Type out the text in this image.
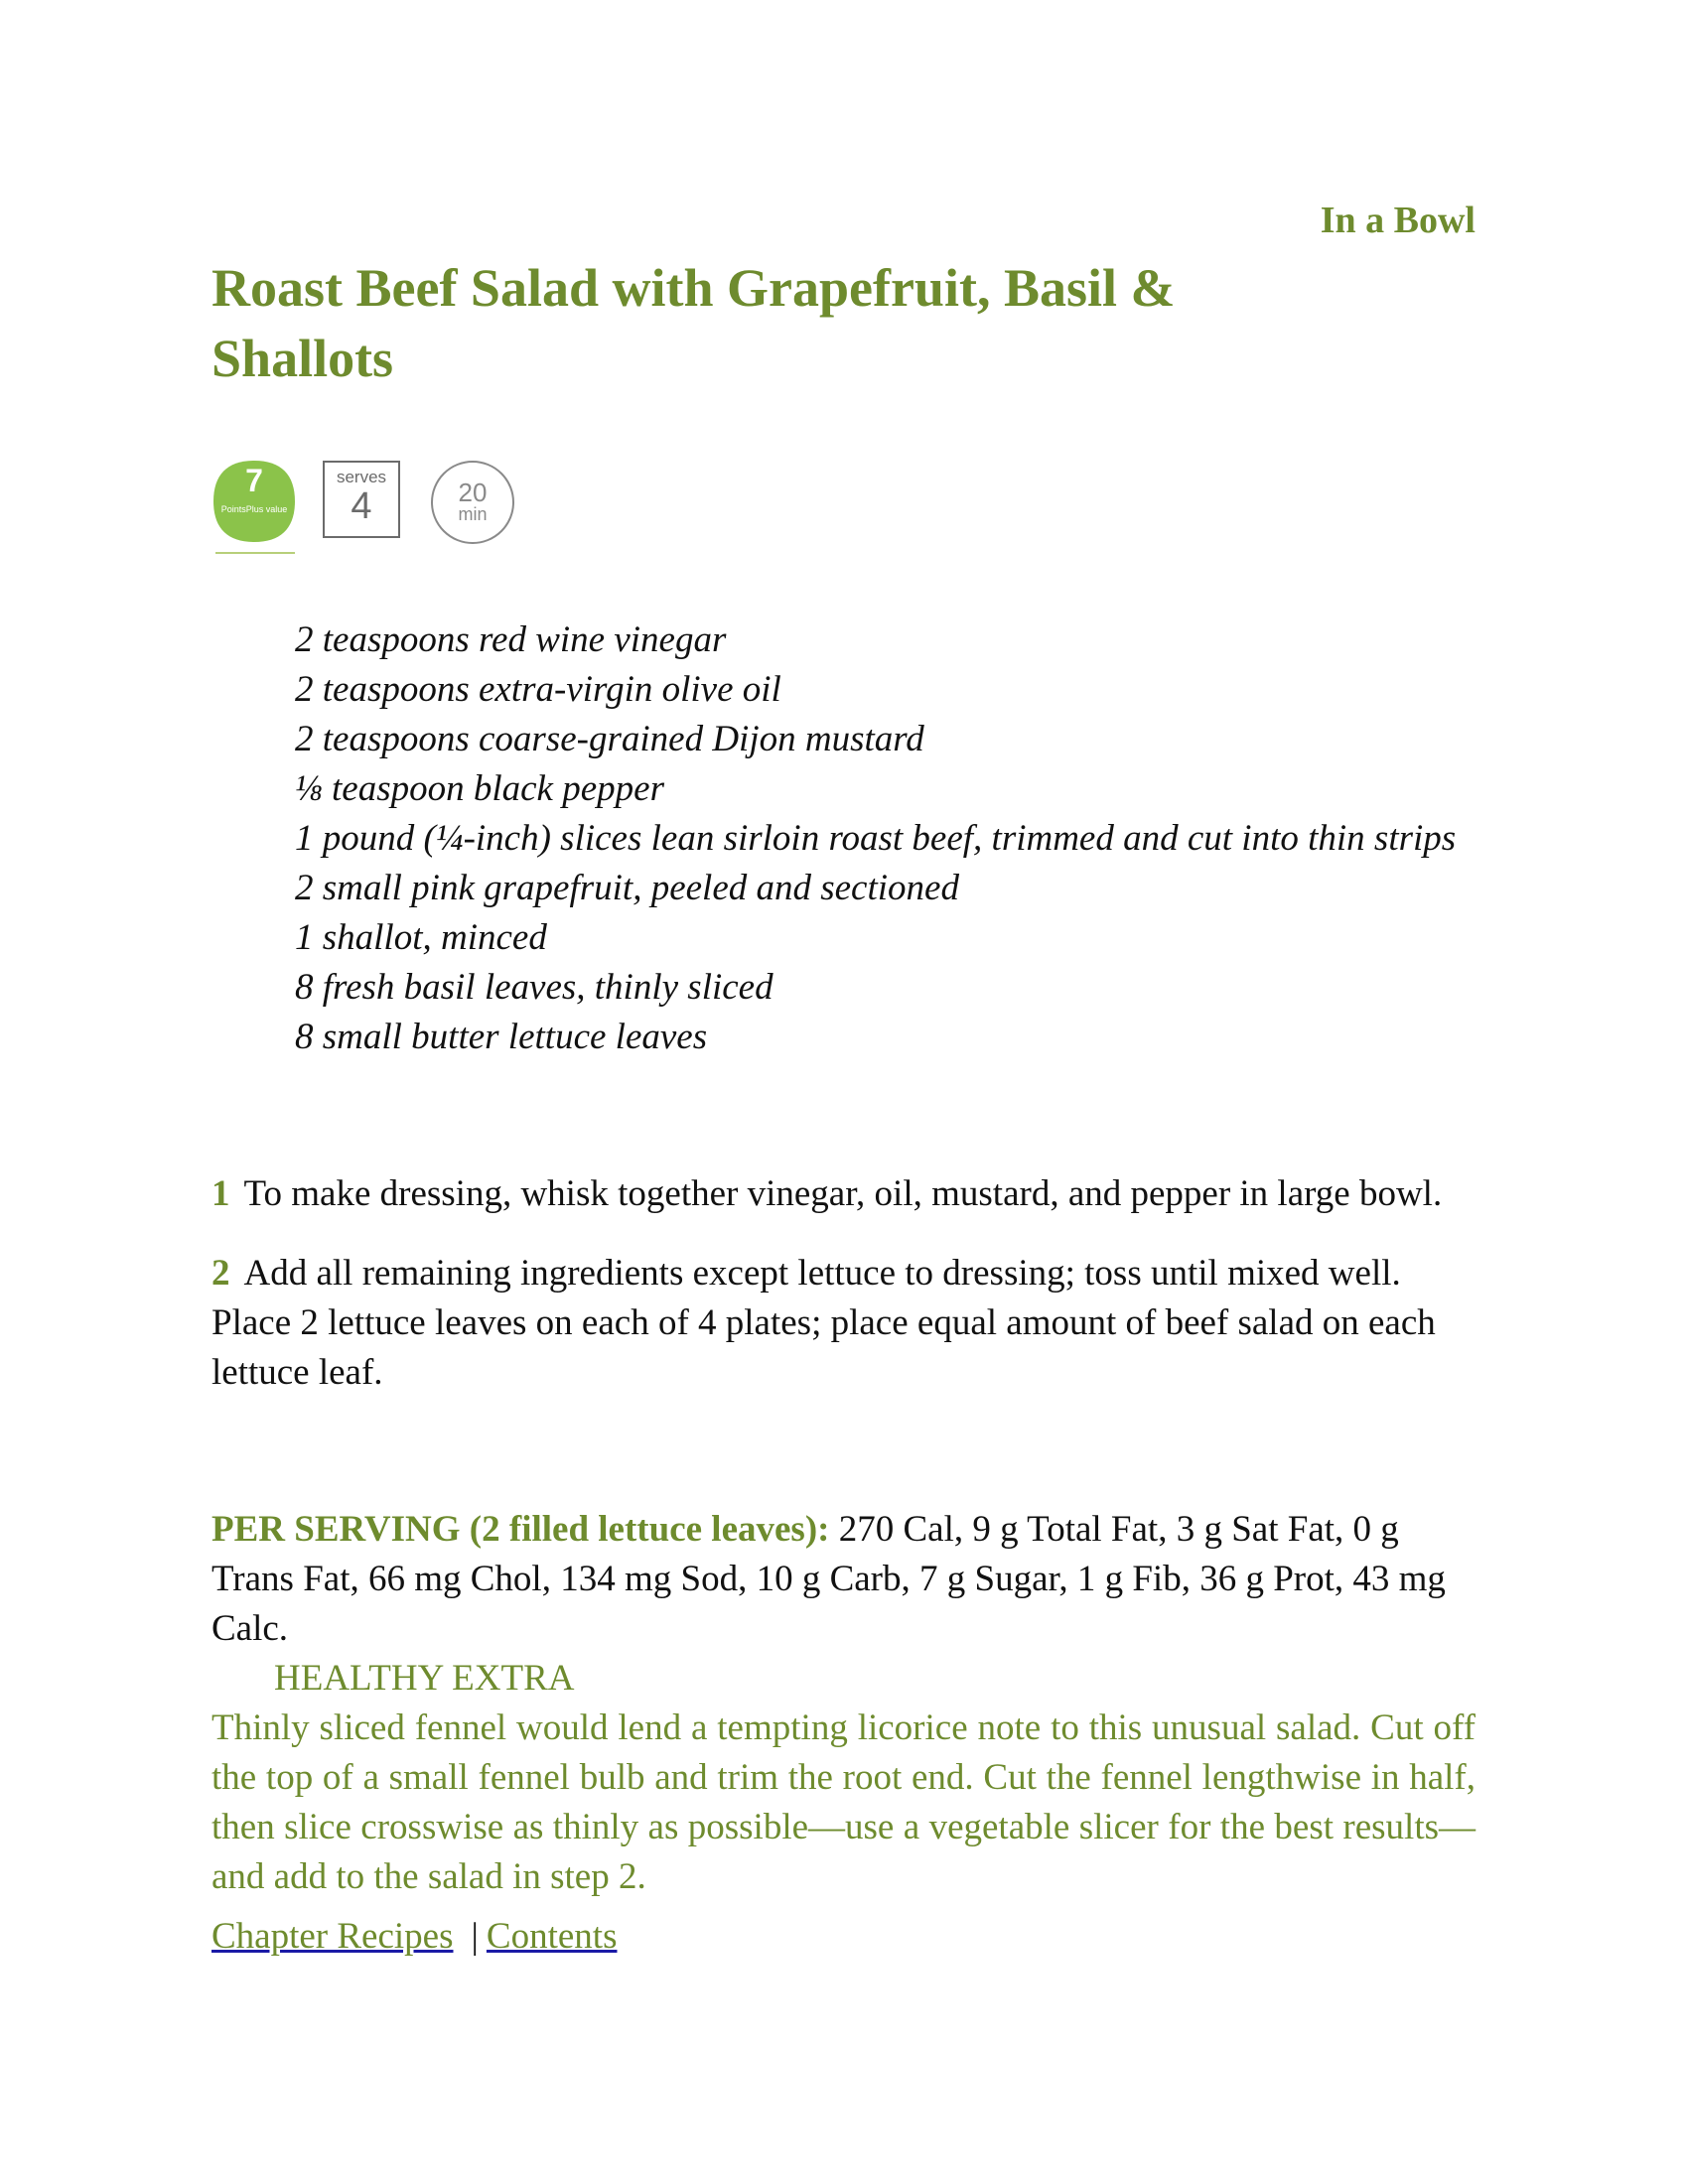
In a Bowl
Roast Beef Salad with Grapefruit, Basil & Shallots
7
PointsPlus value
serves
4	20
min
2 teaspoons red wine vinegar
2 teaspoons extra-virgin olive oil
2 teaspoons coarse-grained Dijon mustard
⅛ teaspoon black pepper
1 pound (¼-inch) slices lean sirloin roast beef, trimmed and cut into thin strips
2 small pink grapefruit, peeled and sectioned
1 shallot, minced
8 fresh basil leaves, thinly sliced
8 small butter lettuce leaves

1 To make dressing, whisk together vinegar, oil, mustard, and pepper in large bowl.

2 Add all remaining ingredients except lettuce to dressing; toss until mixed well. Place 2 lettuce leaves on each of 4 plates; place equal amount of beef salad on each lettuce leaf.

PER SERVING (2 filled lettuce leaves): 270 Cal, 9 g Total Fat, 3 g Sat Fat, 0 g Trans Fat, 66 mg Chol, 134 mg Sod, 10 g Carb, 7 g Sugar, 1 g Fib, 36 g Prot, 43 mg Calc.

HEALTHY EXTRA

Thinly sliced fennel would lend a tempting licorice note to this unusual salad. Cut off the top of a small fennel bulb and trim the root end. Cut the fennel lengthwise in half, then slice crosswise as thinly as possible—use a vegetable slicer for the best results—and add to the salad in step 2.

Chapter Recipes | Contents
